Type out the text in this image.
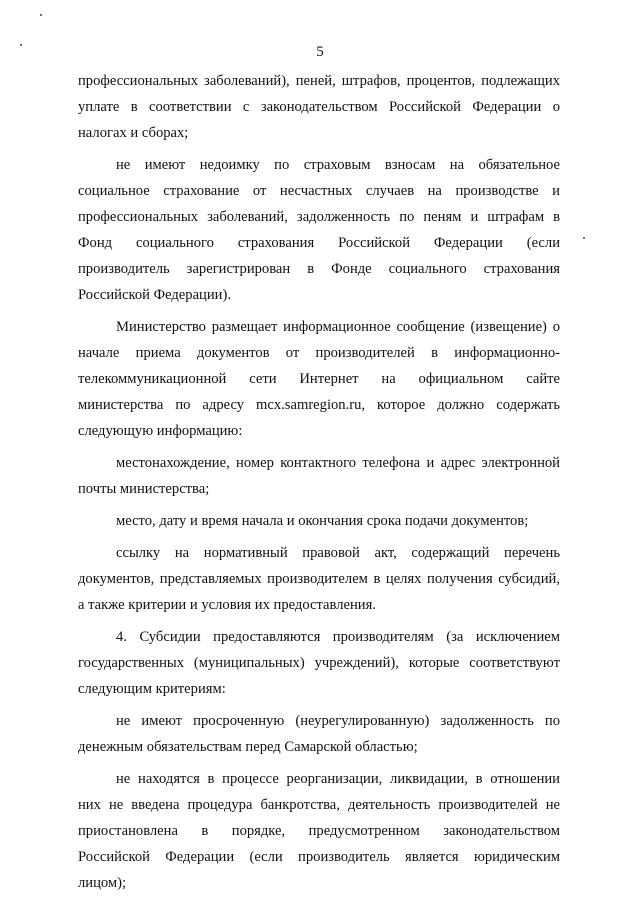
5
профессиональных заболеваний), пеней, штрафов, процентов, подлежащих
уплате в соответствии с законодательством Российской Федерации о
налогах и сборах;
не имеют недоимку по страховым взносам на обязательное
социальное страхование от несчастных случаев на производстве и
профессиональных заболеваний, задолженность по пеням и штрафам в
Фонд социального страхования Российской Федерации (если
производитель зарегистрирован в Фонде социального страхования
Российской Федерации).
Министерство размещает информационное сообщение (извещение) о
начале приема документов от производителей в информационно-
телекоммуникационной сети Интернет на официальном сайте
министерства по адресу mcx.samregion.ru, которое должно содержать
следующую информацию:
местонахождение, номер контактного телефона и адрес электронной
почты министерства;
место, дату и время начала и окончания срока подачи документов;
ссылку на нормативный правовой акт, содержащий перечень
документов, представляемых производителем в целях получения субсидий,
а также критерии и условия их предоставления.
4. Субсидии предоставляются производителям (за исключением
государственных (муниципальных) учреждений), которые соответствуют
следующим критериям:
не имеют просроченную (неурегулированную) задолженность по
денежным обязательствам перед Самарской областью;
не находятся в процессе реорганизации, ликвидации, в отношении
них не введена процедура банкротства, деятельность производителей не
приостановлена в порядке, предусмотренном законодательством
Российской Федерации (если производитель является юридическим
лицом);
